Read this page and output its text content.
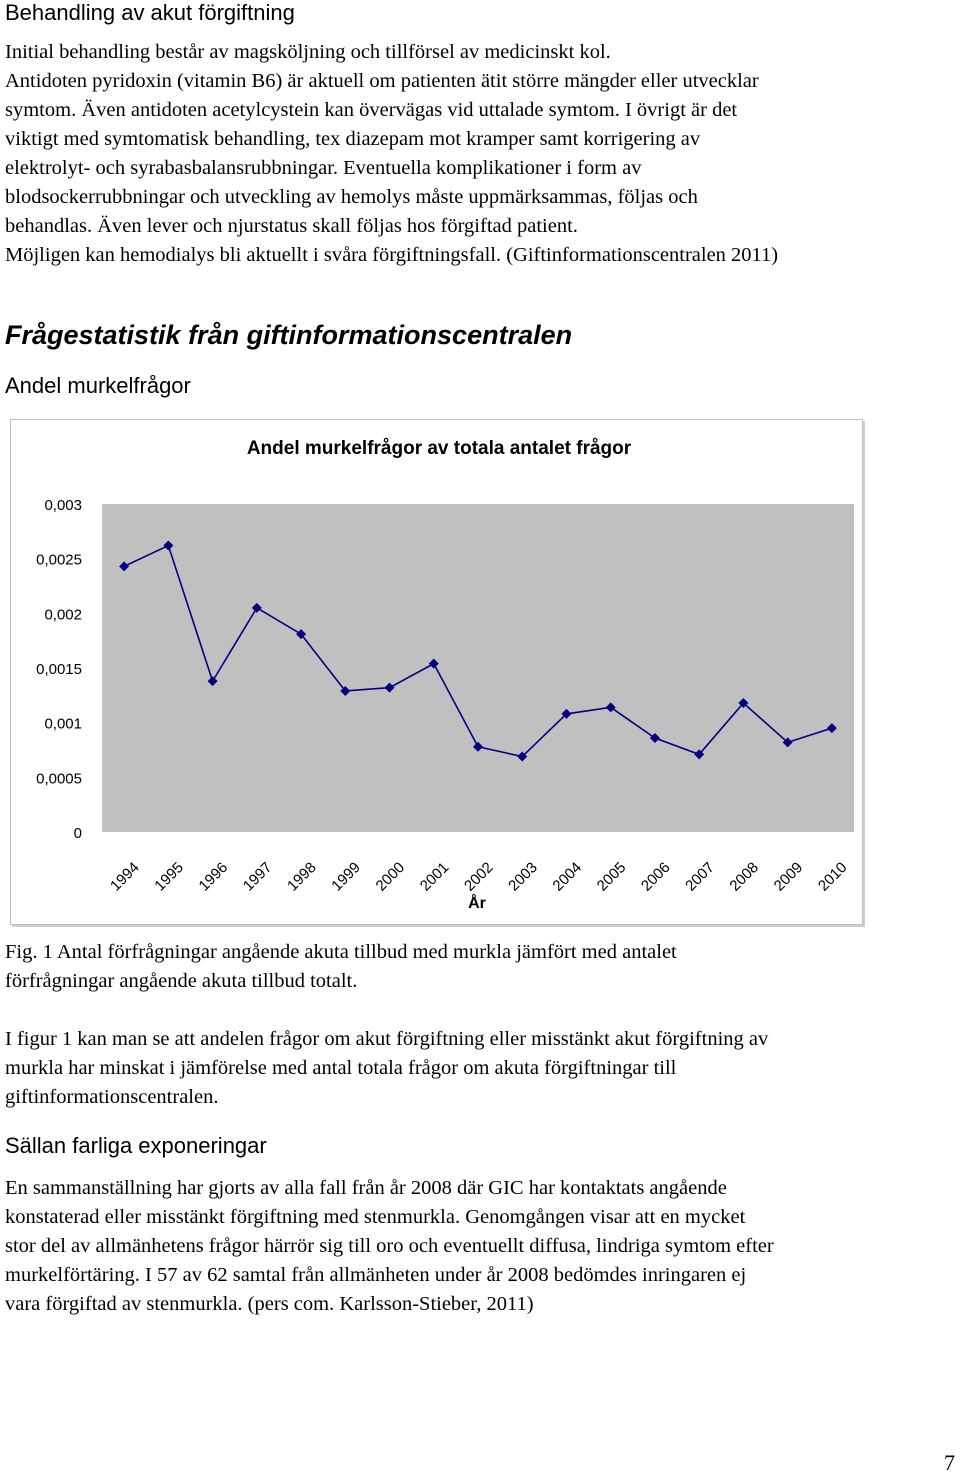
Behandling av akut förgiftning

Initial behandling består av magsköljning och tillförsel av medicinskt kol.
Antidoten pyridoxin (vitamin B6) är aktuell om patienten ätit större mängder eller utvecklar
symtom. Även antidoten acetylcystein kan övervägas vid uttalade symtom. I övrigt är det
viktigt med symtomatisk behandling, tex diazepam mot kramper samt korrigering av
elektrolyt- och syrabasbalansrubbningar. Eventuella komplikationer i form av
blodsockerrubbningar och utveckling av hemolys måste uppmärksammas, följas och
behandlas. Även lever och njurstatus skall följas hos förgiftad patient.
Möjligen kan hemodialys bli aktuellt i svåra förgiftningsfall. (Giftinformationscentralen 2011)

Frågestatistik från giftinformationscentralen
Andel murkelfrågor
Andel murkelfrågor av totala antalet frågor
0
0,0005
0,001
0,0015
0,002
0,0025
0,003
1994 1995 1996 1997 1998 1999 2000 2001 2002 2003 2004 2005 2006 2007 2008 2009 2010
År

Fig. 1 Antal förfrågningar angående akuta tillbud med murkla jämfört med antalet
förfrågningar angående akuta tillbud totalt.

I figur 1 kan man se att andelen frågor om akut förgiftning eller misstänkt akut förgiftning av
murkla har minskat i jämförelse med antal totala frågor om akuta förgiftningar till
giftinformationscentralen.

Sällan farliga exponeringar

En sammanställning har gjorts av alla fall från år 2008 där GIC har kontaktats angående
konstaterad eller misstänkt förgiftning med stenmurkla. Genomgången visar att en mycket
stor del av allmänhetens frågor härrör sig till oro och eventuellt diffusa, lindriga symtom efter
murkelförtäring. I 57 av 62 samtal från allmänheten under år 2008 bedömdes inringaren ej
vara förgiftad av stenmurkla. (pers com. Karlsson-Stieber, 2011)

7
